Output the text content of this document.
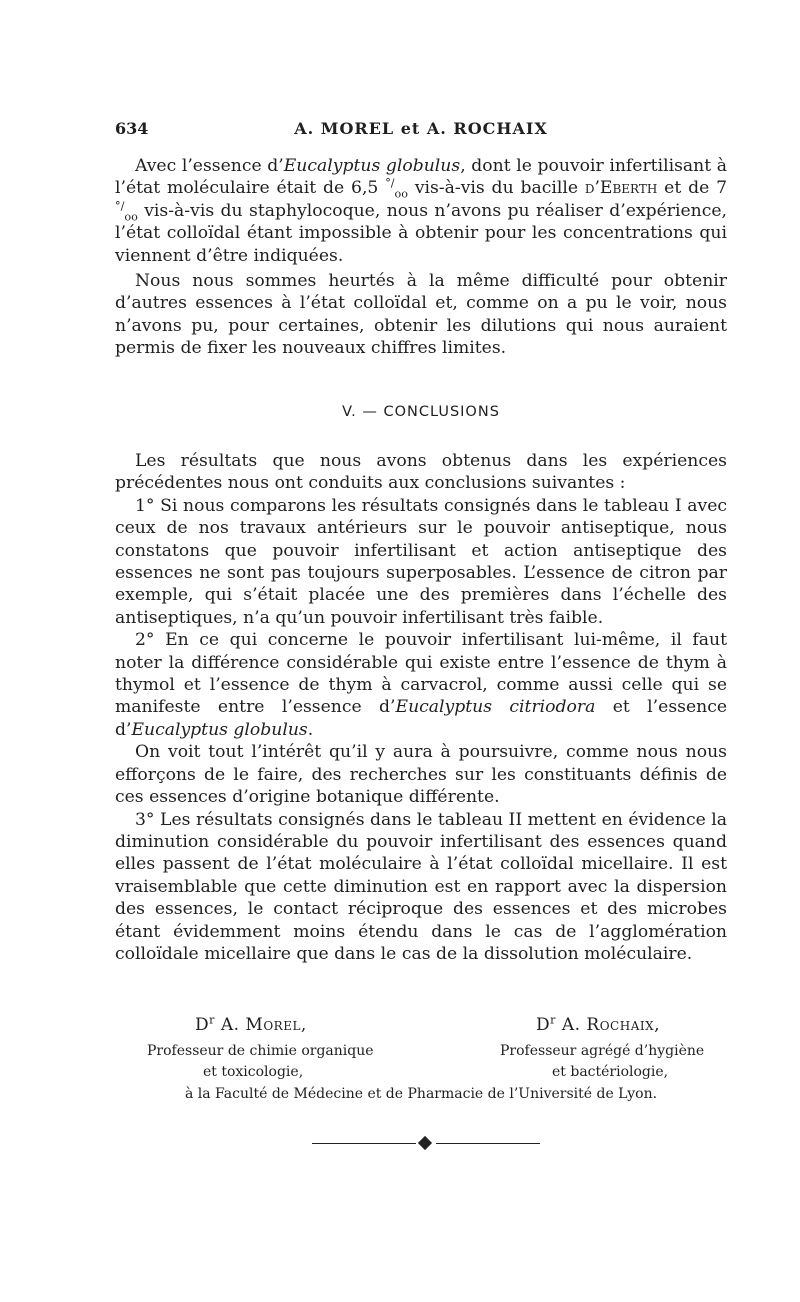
634	A. MOREL et A. ROCHAIX

Avec l’essence d’Eucalyptus globulus, dont le pouvoir infertilisant à l’état moléculaire était de 6,5 °/$_{oo}$ vis-à-vis du bacille d’Eberth et de 7 °/$_{oo}$ vis-à-vis du staphylocoque, nous n’avons pu réaliser d’expérience, l’état colloïdal étant impossible à obtenir pour les concentrations qui viennent d’être indiquées.

Nous nous sommes heurtés à la même difficulté pour obtenir d’autres essences à l’état colloïdal et, comme on a pu le voir, nous n’avons pu, pour certaines, obtenir les dilutions qui nous auraient permis de fixer les nouveaux chiffres limites.

V. — CONCLUSIONS

Les résultats que nous avons obtenus dans les expériences précédentes nous ont conduits aux conclusions suivantes :

1° Si nous comparons les résultats consignés dans le tableau I avec ceux de nos travaux antérieurs sur le pouvoir antiseptique, nous constatons que pouvoir infertilisant et action antiseptique des essences ne sont pas toujours superposables. L’essence de citron par exemple, qui s’était placée une des premières dans l’échelle des antiseptiques, n’a qu’un pouvoir infertilisant très faible.

2° En ce qui concerne le pouvoir infertilisant lui-même, il faut noter la différence considérable qui existe entre l’essence de thym à thymol et l’essence de thym à carvacrol, comme aussi celle qui se manifeste entre l’essence d’Eucalyptus citriodora et l’essence d’Eucalyptus globulus.

On voit tout l’intérêt qu’il y aura à poursuivre, comme nous nous efforçons de le faire, des recherches sur les constituants définis de ces essences d’origine botanique différente.

3° Les résultats consignés dans le tableau II mettent en évidence la diminution considérable du pouvoir infertilisant des essences quand elles passent de l’état moléculaire à l’état colloïdal micellaire. Il est vraisemblable que cette diminution est en rapport avec la dispersion des essences, le contact réciproque des essences et des microbes étant évidemment moins étendu dans le cas de l’agglomération colloïdale micellaire que dans le cas de la dissolution moléculaire.

$D^r$ A. Morel,	$D^r$ A. Rochaix,
Professeur de chimie organique
et toxicologie,
Professeur agrégé d’hygiène
et bactériologie,
à la Faculté de Médecine et de Pharmacie de l’Université de Lyon.
